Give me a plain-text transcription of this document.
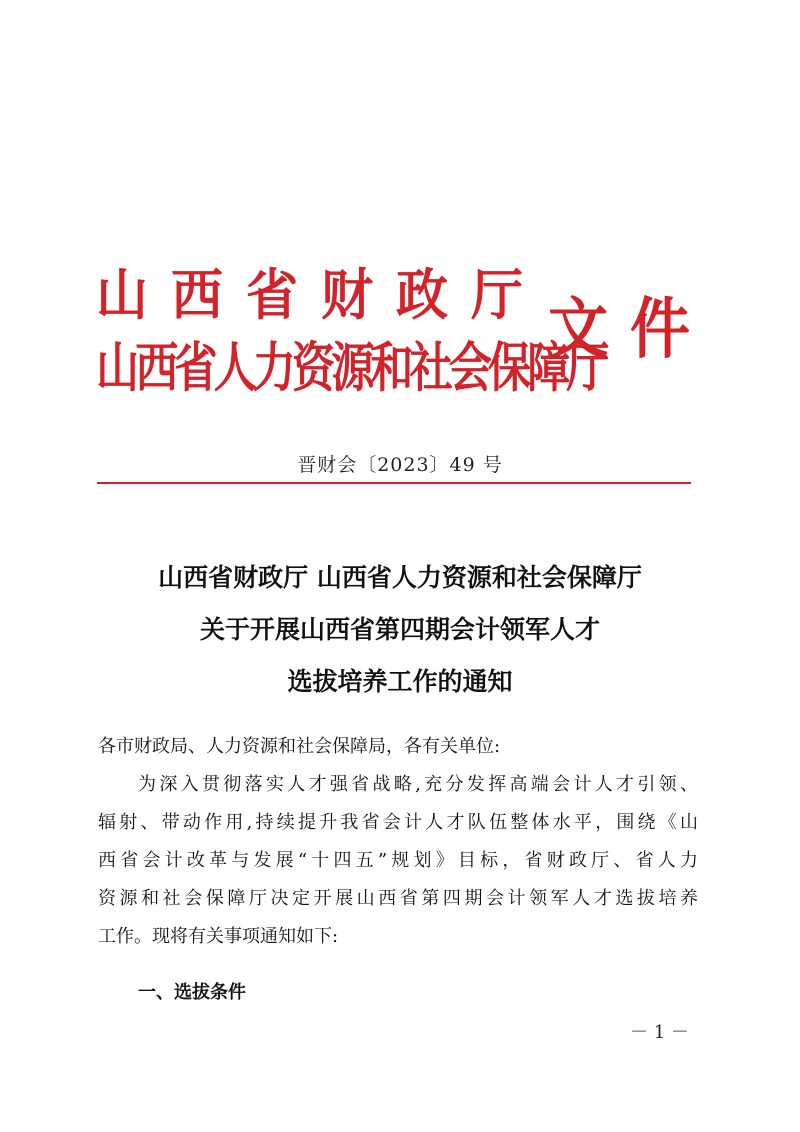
山西省财政厅
山西省人力资源和社会保障厅
文件
晋财会〔2023〕49 号
山西省财政厅 山西省人力资源和社会保障厅
关于开展山西省第四期会计领军人才
选拔培养工作的通知
各市财政局、人力资源和社会保障局，各有关单位:
为深入贯彻落实人才强省战略,充分发挥高端会计人才引领、
辐射、带动作用,持续提升我省会计人才队伍整体水平，围绕《山
西省会计改革与发展“十四五”规划》目标，省财政厅、省人力
资源和社会保障厅决定开展山西省第四期会计领军人才选拔培养
工作。现将有关事项通知如下:
一、选拔条件
－ 1 －
